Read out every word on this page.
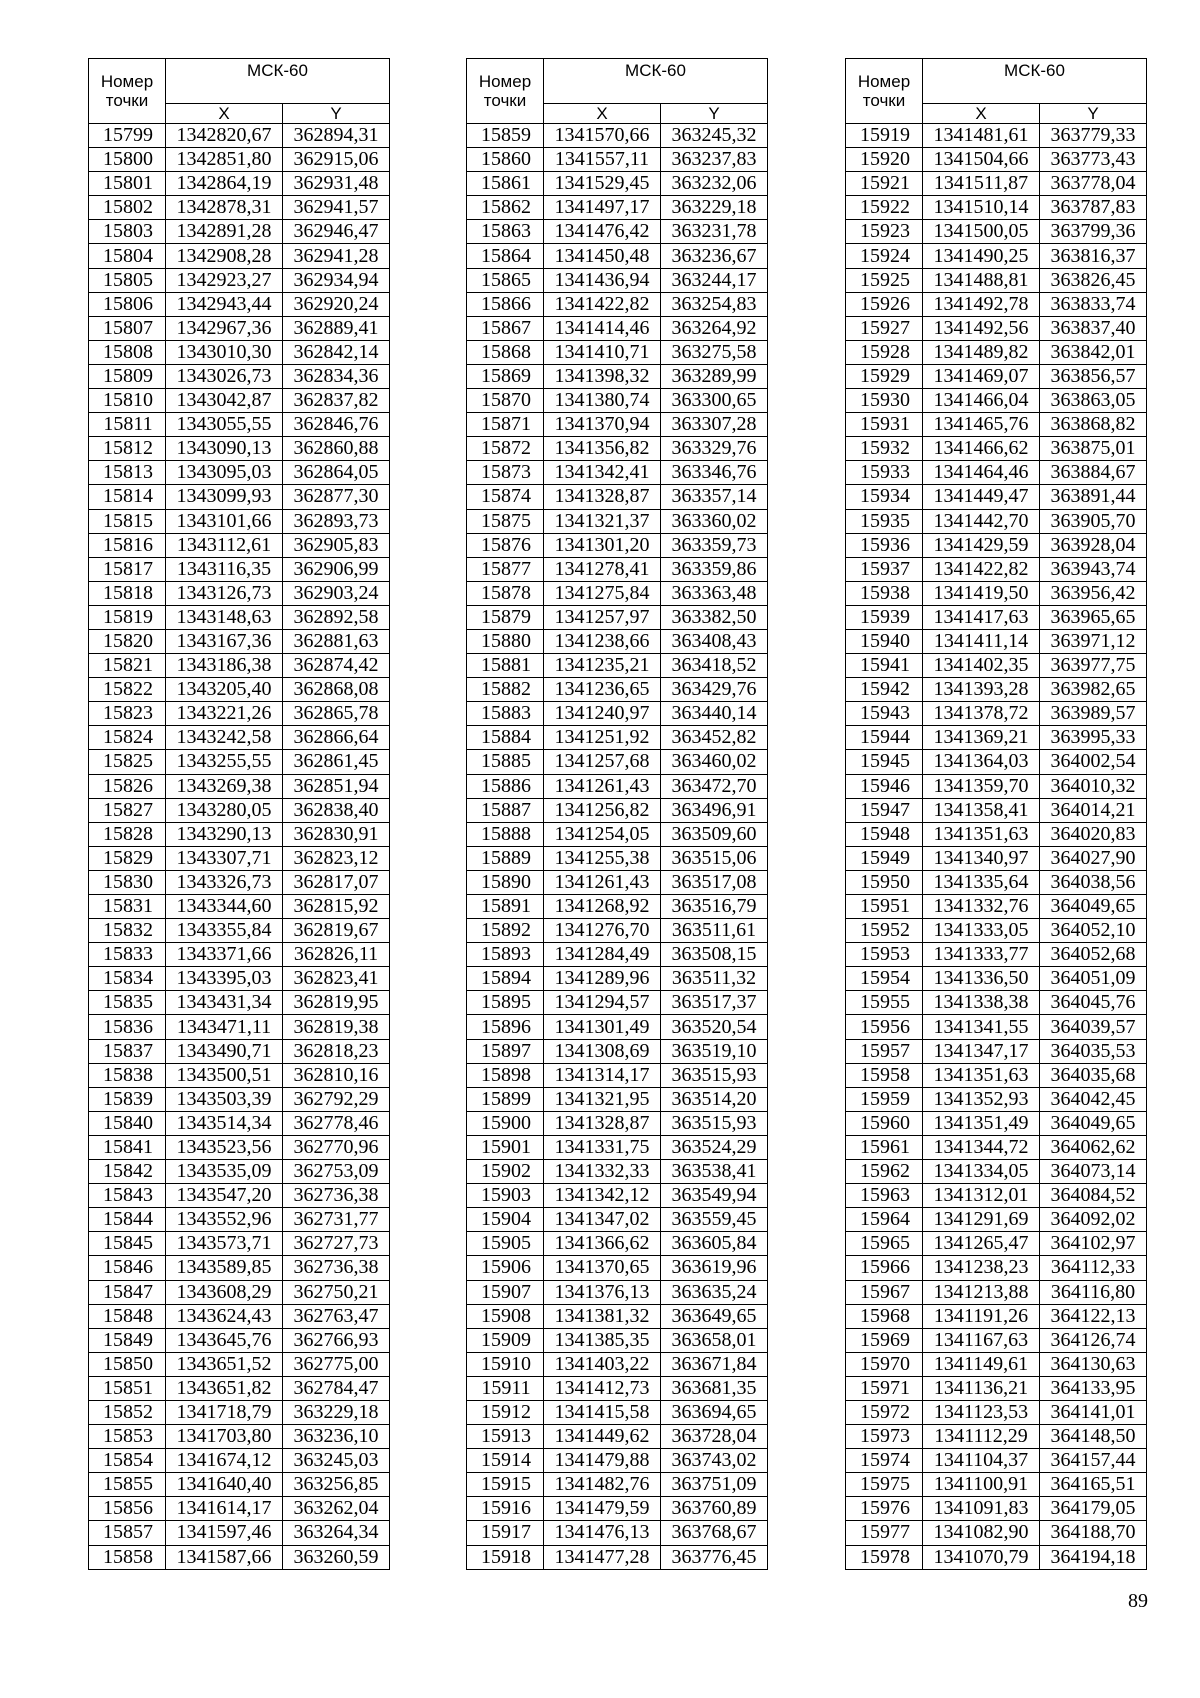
Номер точки	МСК-60	
	X	Y
15799	1342820,67	362894,31
15800	1342851,80	362915,06
15801	1342864,19	362931,48
15802	1342878,31	362941,57
15803	1342891,28	362946,47
15804	1342908,28	362941,28
15805	1342923,27	362934,94
15806	1342943,44	362920,24
15807	1342967,36	362889,41
15808	1343010,30	362842,14
15809	1343026,73	362834,36
15810	1343042,87	362837,82
15811	1343055,55	362846,76
15812	1343090,13	362860,88
15813	1343095,03	362864,05
15814	1343099,93	362877,30
15815	1343101,66	362893,73
15816	1343112,61	362905,83
15817	1343116,35	362906,99
15818	1343126,73	362903,24
15819	1343148,63	362892,58
15820	1343167,36	362881,63
15821	1343186,38	362874,42
15822	1343205,40	362868,08
15823	1343221,26	362865,78
15824	1343242,58	362866,64
15825	1343255,55	362861,45
15826	1343269,38	362851,94
15827	1343280,05	362838,40
15828	1343290,13	362830,91
15829	1343307,71	362823,12
15830	1343326,73	362817,07
15831	1343344,60	362815,92
15832	1343355,84	362819,67
15833	1343371,66	362826,11
15834	1343395,03	362823,41
15835	1343431,34	362819,95
15836	1343471,11	362819,38
15837	1343490,71	362818,23
15838	1343500,51	362810,16
15839	1343503,39	362792,29
15840	1343514,34	362778,46
15841	1343523,56	362770,96
15842	1343535,09	362753,09
15843	1343547,20	362736,38
15844	1343552,96	362731,77
15845	1343573,71	362727,73
15846	1343589,85	362736,38
15847	1343608,29	362750,21
15848	1343624,43	362763,47
15849	1343645,76	362766,93
15850	1343651,52	362775,00
15851	1343651,82	362784,47
15852	1341718,79	363229,18
15853	1341703,80	363236,10
15854	1341674,12	363245,03
15855	1341640,40	363256,85
15856	1341614,17	363262,04
15857	1341597,46	363264,34
15858	1341587,66	363260,59
Номер точки	МСК-60	
	X	Y
15859	1341570,66	363245,32
15860	1341557,11	363237,83
15861	1341529,45	363232,06
15862	1341497,17	363229,18
15863	1341476,42	363231,78
15864	1341450,48	363236,67
15865	1341436,94	363244,17
15866	1341422,82	363254,83
15867	1341414,46	363264,92
15868	1341410,71	363275,58
15869	1341398,32	363289,99
15870	1341380,74	363300,65
15871	1341370,94	363307,28
15872	1341356,82	363329,76
15873	1341342,41	363346,76
15874	1341328,87	363357,14
15875	1341321,37	363360,02
15876	1341301,20	363359,73
15877	1341278,41	363359,86
15878	1341275,84	363363,48
15879	1341257,97	363382,50
15880	1341238,66	363408,43
15881	1341235,21	363418,52
15882	1341236,65	363429,76
15883	1341240,97	363440,14
15884	1341251,92	363452,82
15885	1341257,68	363460,02
15886	1341261,43	363472,70
15887	1341256,82	363496,91
15888	1341254,05	363509,60
15889	1341255,38	363515,06
15890	1341261,43	363517,08
15891	1341268,92	363516,79
15892	1341276,70	363511,61
15893	1341284,49	363508,15
15894	1341289,96	363511,32
15895	1341294,57	363517,37
15896	1341301,49	363520,54
15897	1341308,69	363519,10
15898	1341314,17	363515,93
15899	1341321,95	363514,20
15900	1341328,87	363515,93
15901	1341331,75	363524,29
15902	1341332,33	363538,41
15903	1341342,12	363549,94
15904	1341347,02	363559,45
15905	1341366,62	363605,84
15906	1341370,65	363619,96
15907	1341376,13	363635,24
15908	1341381,32	363649,65
15909	1341385,35	363658,01
15910	1341403,22	363671,84
15911	1341412,73	363681,35
15912	1341415,58	363694,65
15913	1341449,62	363728,04
15914	1341479,88	363743,02
15915	1341482,76	363751,09
15916	1341479,59	363760,89
15917	1341476,13	363768,67
15918	1341477,28	363776,45
Номер точки	МСК-60	
	X	Y
15919	1341481,61	363779,33
15920	1341504,66	363773,43
15921	1341511,87	363778,04
15922	1341510,14	363787,83
15923	1341500,05	363799,36
15924	1341490,25	363816,37
15925	1341488,81	363826,45
15926	1341492,78	363833,74
15927	1341492,56	363837,40
15928	1341489,82	363842,01
15929	1341469,07	363856,57
15930	1341466,04	363863,05
15931	1341465,76	363868,82
15932	1341466,62	363875,01
15933	1341464,46	363884,67
15934	1341449,47	363891,44
15935	1341442,70	363905,70
15936	1341429,59	363928,04
15937	1341422,82	363943,74
15938	1341419,50	363956,42
15939	1341417,63	363965,65
15940	1341411,14	363971,12
15941	1341402,35	363977,75
15942	1341393,28	363982,65
15943	1341378,72	363989,57
15944	1341369,21	363995,33
15945	1341364,03	364002,54
15946	1341359,70	364010,32
15947	1341358,41	364014,21
15948	1341351,63	364020,83
15949	1341340,97	364027,90
15950	1341335,64	364038,56
15951	1341332,76	364049,65
15952	1341333,05	364052,10
15953	1341333,77	364052,68
15954	1341336,50	364051,09
15955	1341338,38	364045,76
15956	1341341,55	364039,57
15957	1341347,17	364035,53
15958	1341351,63	364035,68
15959	1341352,93	364042,45
15960	1341351,49	364049,65
15961	1341344,72	364062,62
15962	1341334,05	364073,14
15963	1341312,01	364084,52
15964	1341291,69	364092,02
15965	1341265,47	364102,97
15966	1341238,23	364112,33
15967	1341213,88	364116,80
15968	1341191,26	364122,13
15969	1341167,63	364126,74
15970	1341149,61	364130,63
15971	1341136,21	364133,95
15972	1341123,53	364141,01
15973	1341112,29	364148,50
15974	1341104,37	364157,44
15975	1341100,91	364165,51
15976	1341091,83	364179,05
15977	1341082,90	364188,70
15978	1341070,79	364194,18
89
